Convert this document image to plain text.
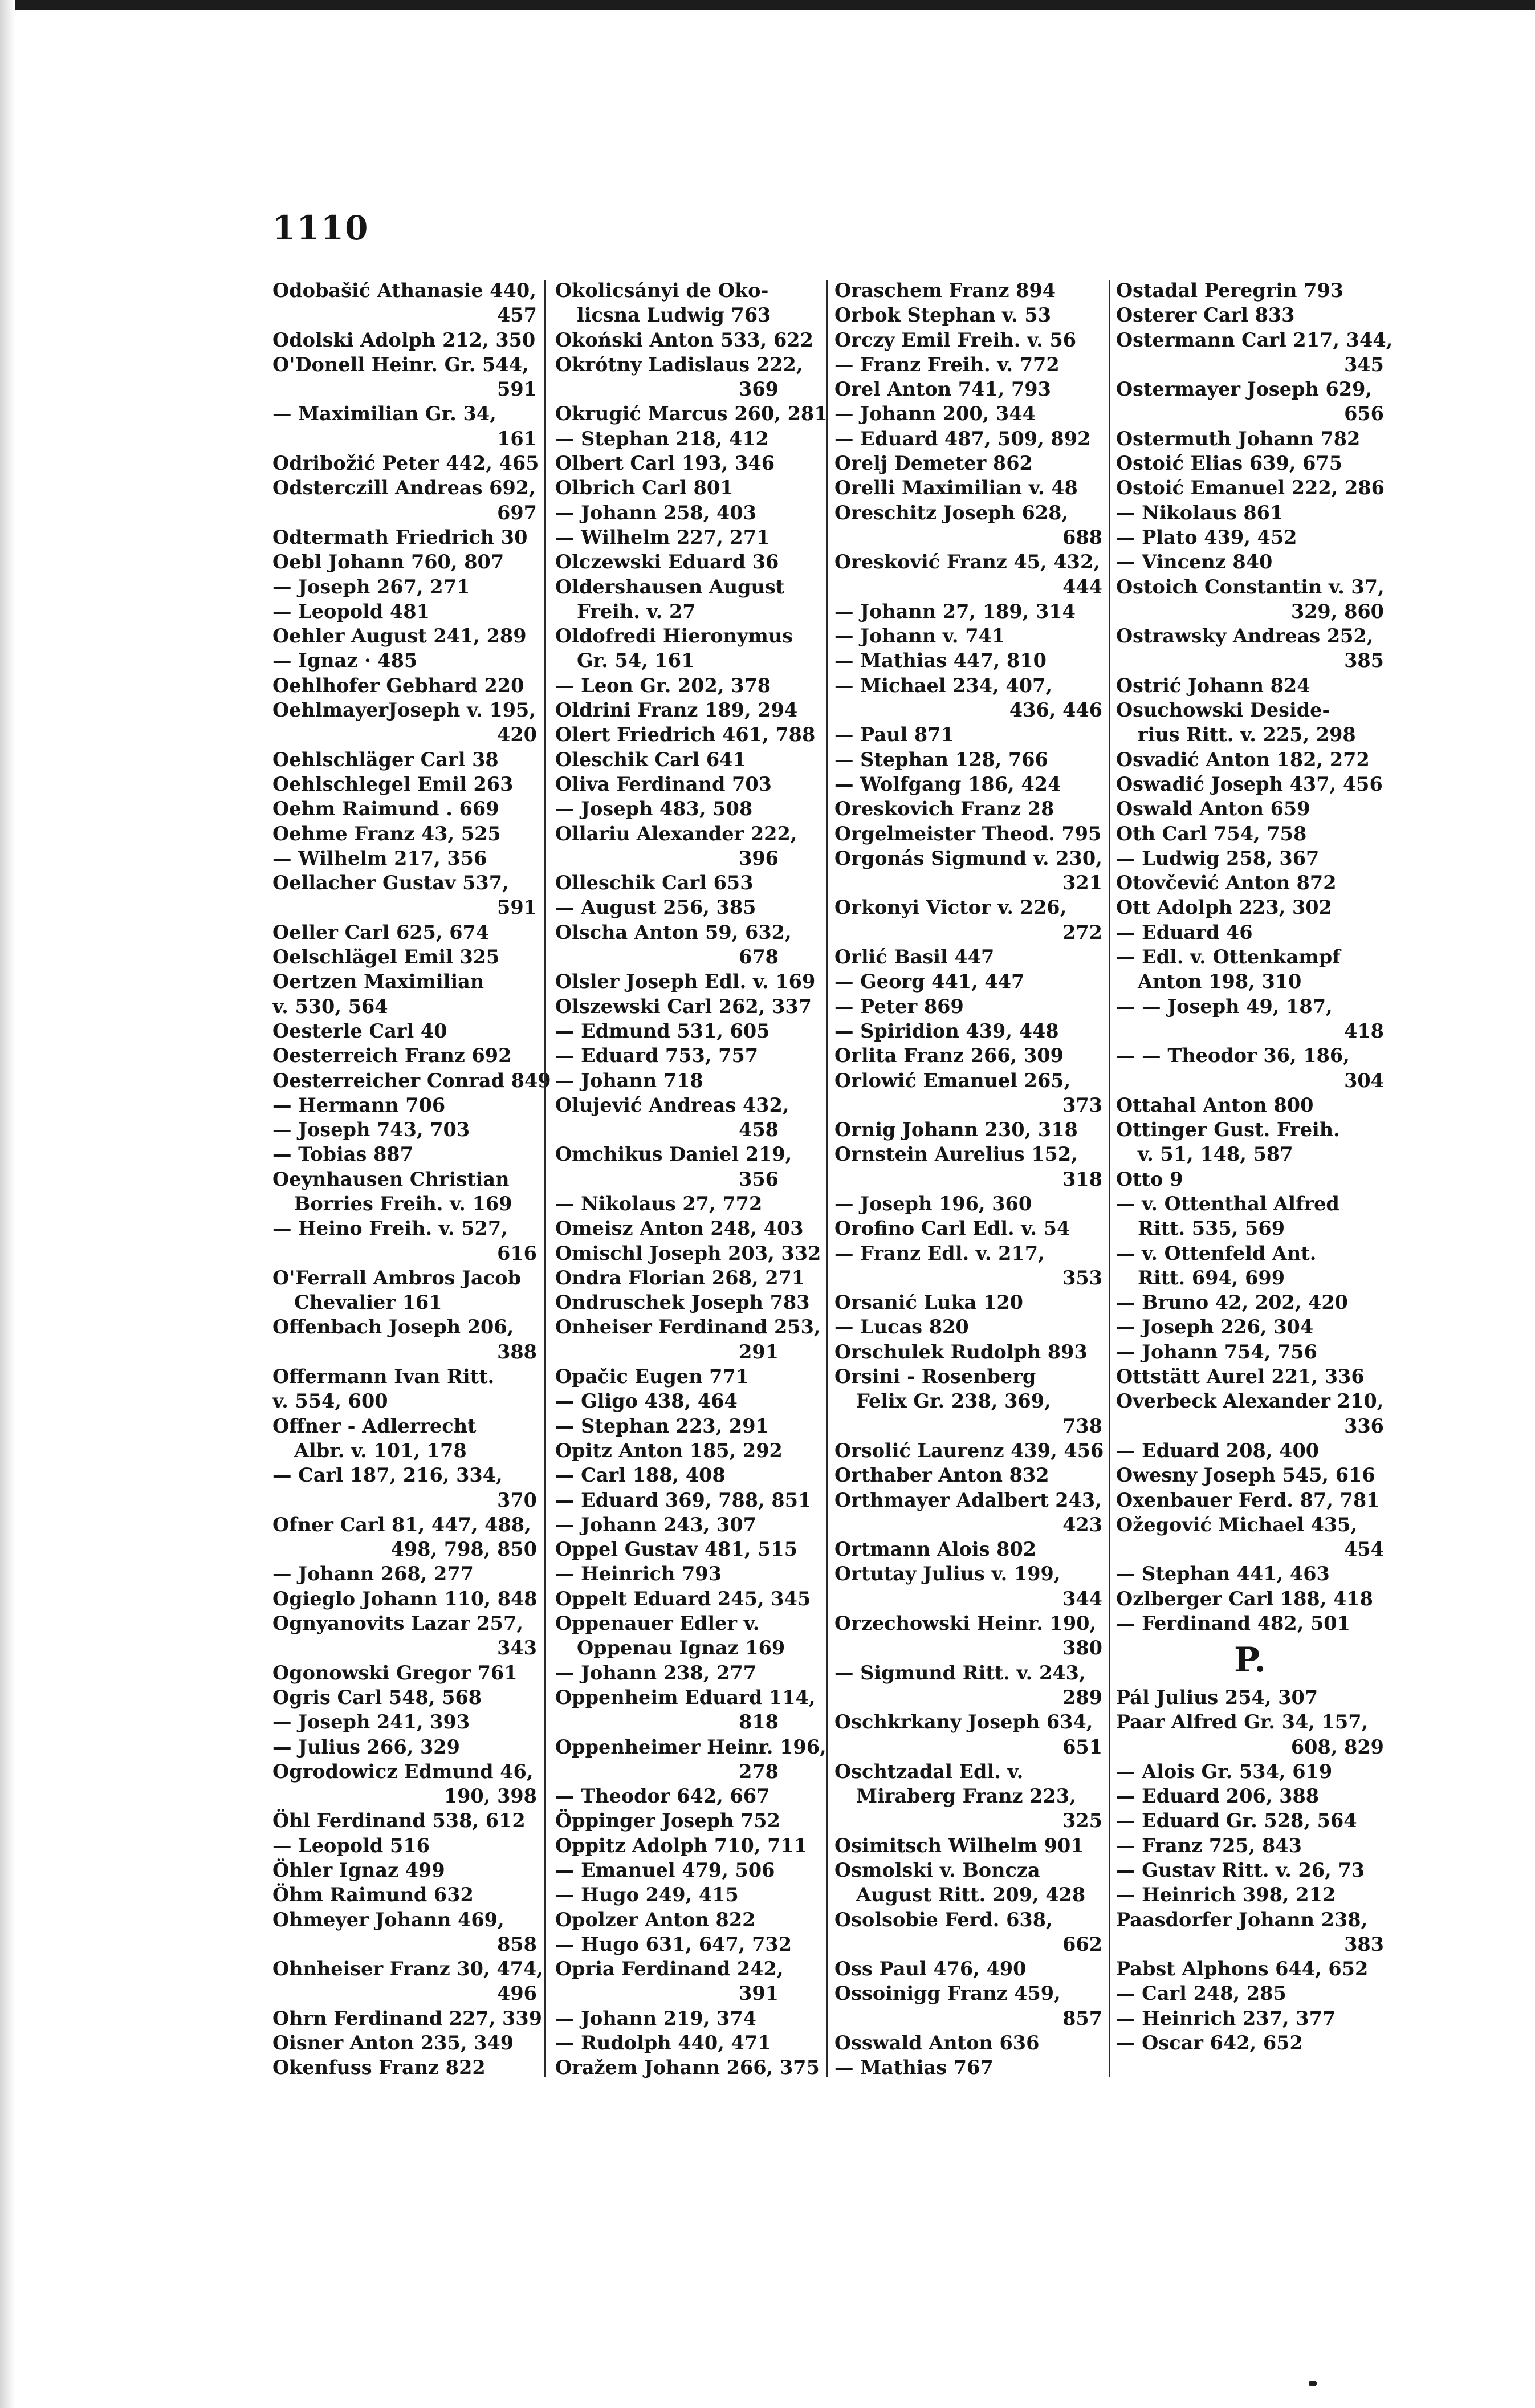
1110
Odobašić Athanasie 440,
457
Odolski Adolph 212, 350
O'Donell Heinr. Gr. 544,
591
— Maximilian Gr. 34,
161
Odribožić Peter 442, 465
Odsterczill Andreas 692,
697
Odtermath Friedrich 30
Oebl Johann 760, 807
— Joseph 267, 271
— Leopold 481
Oehler August 241, 289
— Ignaz · 485
Oehlhofer Gebhard 220
OehlmayerJoseph v. 195,
420
Oehlschläger Carl 38
Oehlschlegel Emil 263
Oehm Raimund . 669
Oehme Franz 43, 525
— Wilhelm 217, 356
Oellacher Gustav 537,
591
Oeller Carl 625, 674
Oelschlägel Emil 325
Oertzen Maximilian
v. 530, 564
Oesterle Carl 40
Oesterreich Franz 692
Oesterreicher Conrad 849
— Hermann 706
— Joseph 743, 703
— Tobias 887
Oeynhausen Christian
Borries Freih. v. 169
— Heino Freih. v. 527,
616
O'Ferrall Ambros Jacob
Chevalier 161
Offenbach Joseph 206,
388
Offermann Ivan Ritt.
v. 554, 600
Offner - Adlerrecht
Albr. v. 101, 178
— Carl 187, 216, 334,
370
Ofner Carl 81, 447, 488,
498, 798, 850
— Johann 268, 277
Ogieglo Johann 110, 848
Ognyanovits Lazar 257,
343
Ogonowski Gregor 761
Ogris Carl 548, 568
— Joseph 241, 393
— Julius 266, 329
Ogrodowicz Edmund 46,
190, 398
Öhl Ferdinand 538, 612
— Leopold 516
Öhler Ignaz 499
Öhm Raimund 632
Ohmeyer Johann 469,
858
Ohnheiser Franz 30, 474,
496
Ohrn Ferdinand 227, 339
Oisner Anton 235, 349
Okenfuss Franz 822
Okolicsányi de Oko-
licsna Ludwig 763
Okoński Anton 533, 622
Okrótny Ladislaus 222,
369
Okrugić Marcus 260, 281
— Stephan 218, 412
Olbert Carl 193, 346
Olbrich Carl 801
— Johann 258, 403
— Wilhelm 227, 271
Olczewski Eduard 36
Oldershausen August
Freih. v. 27
Oldofredi Hieronymus
Gr. 54, 161
— Leon Gr. 202, 378
Oldrini Franz 189, 294
Olert Friedrich 461, 788
Oleschik Carl 641
Oliva Ferdinand 703
— Joseph 483, 508
Ollariu Alexander 222,
396
Olleschik Carl 653
— August 256, 385
Olscha Anton 59, 632,
678
Olsler Joseph Edl. v. 169
Olszewski Carl 262, 337
— Edmund 531, 605
— Eduard 753, 757
— Johann 718
Olujević Andreas 432,
458
Omchikus Daniel 219,
356
— Nikolaus 27, 772
Omeisz Anton 248, 403
Omischl Joseph 203, 332
Ondra Florian 268, 271
Ondruschek Joseph 783
Onheiser Ferdinand 253,
291
Opačic Eugen 771
— Gligo 438, 464
— Stephan 223, 291
Opitz Anton 185, 292
— Carl 188, 408
— Eduard 369, 788, 851
— Johann 243, 307
Oppel Gustav 481, 515
— Heinrich 793
Oppelt Eduard 245, 345
Oppenauer Edler v.
Oppenau Ignaz 169
— Johann 238, 277
Oppenheim Eduard 114,
818
Oppenheimer Heinr. 196,
278
— Theodor 642, 667
Öppinger Joseph 752
Oppitz Adolph 710, 711
— Emanuel 479, 506
— Hugo 249, 415
Opolzer Anton 822
— Hugo 631, 647, 732
Opria Ferdinand 242,
391
— Johann 219, 374
— Rudolph 440, 471
Oražem Johann 266, 375
Oraschem Franz 894
Orbok Stephan v. 53
Orczy Emil Freih. v. 56
— Franz Freih. v. 772
Orel Anton 741, 793
— Johann 200, 344
— Eduard 487, 509, 892
Orelj Demeter 862
Orelli Maximilian v. 48
Oreschitz Joseph 628,
688
Oresković Franz 45, 432,
444
— Johann 27, 189, 314
— Johann v. 741
— Mathias 447, 810
— Michael 234, 407,
436, 446
— Paul 871
— Stephan 128, 766
— Wolfgang 186, 424
Oreskovich Franz 28
Orgelmeister Theod. 795
Orgonás Sigmund v. 230,
321
Orkonyi Victor v. 226,
272
Orlić Basil 447
— Georg 441, 447
— Peter 869
— Spiridion 439, 448
Orlita Franz 266, 309
Orlowić Emanuel 265,
373
Ornig Johann 230, 318
Ornstein Aurelius 152,
318
— Joseph 196, 360
Orofino Carl Edl. v. 54
— Franz Edl. v. 217,
353
Orsanić Luka 120
— Lucas 820
Orschulek Rudolph 893
Orsini - Rosenberg
Felix Gr. 238, 369,
738
Orsolić Laurenz 439, 456
Orthaber Anton 832
Orthmayer Adalbert 243,
423
Ortmann Alois 802
Ortutay Julius v. 199,
344
Orzechowski Heinr. 190,
380
— Sigmund Ritt. v. 243,
289
Oschkrkany Joseph 634,
651
Oschtzadal Edl. v.
Miraberg Franz 223,
325
Osimitsch Wilhelm 901
Osmolski v. Boncza
August Ritt. 209, 428
Osolsobie Ferd. 638,
662
Oss Paul 476, 490
Ossoinigg Franz 459,
857
Osswald Anton 636
— Mathias 767
Ostadal Peregrin 793
Osterer Carl 833
Ostermann Carl 217, 344,
345
Ostermayer Joseph 629,
656
Ostermuth Johann 782
Ostoić Elias 639, 675
Ostoić Emanuel 222, 286
— Nikolaus 861
— Plato 439, 452
— Vincenz 840
Ostoich Constantin v. 37,
329, 860
Ostrawsky Andreas 252,
385
Ostrić Johann 824
Osuchowski Deside-
rius Ritt. v. 225, 298
Osvadić Anton 182, 272
Oswadić Joseph 437, 456
Oswald Anton 659
Oth Carl 754, 758
— Ludwig 258, 367
Otovčević Anton 872
Ott Adolph 223, 302
— Eduard 46
— Edl. v. Ottenkampf
Anton 198, 310
— — Joseph 49, 187,
418
— — Theodor 36, 186,
304
Ottahal Anton 800
Ottinger Gust. Freih.
v. 51, 148, 587
Otto 9
— v. Ottenthal Alfred
Ritt. 535, 569
— v. Ottenfeld Ant.
Ritt. 694, 699
— Bruno 42, 202, 420
— Joseph 226, 304
— Johann 754, 756
Ottstätt Aurel 221, 336
Overbeck Alexander 210,
336
— Eduard 208, 400
Owesny Joseph 545, 616
Oxenbauer Ferd. 87, 781
Ožegović Michael 435,
454
— Stephan 441, 463
Ozlberger Carl 188, 418
— Ferdinand 482, 501
P.
Pál Julius 254, 307
Paar Alfred Gr. 34, 157,
608, 829
— Alois Gr. 534, 619
— Eduard 206, 388
— Eduard Gr. 528, 564
— Franz 725, 843
— Gustav Ritt. v. 26, 73
— Heinrich 398, 212
Paasdorfer Johann 238,
383
Pabst Alphons 644, 652
— Carl 248, 285
— Heinrich 237, 377
— Oscar 642, 652
